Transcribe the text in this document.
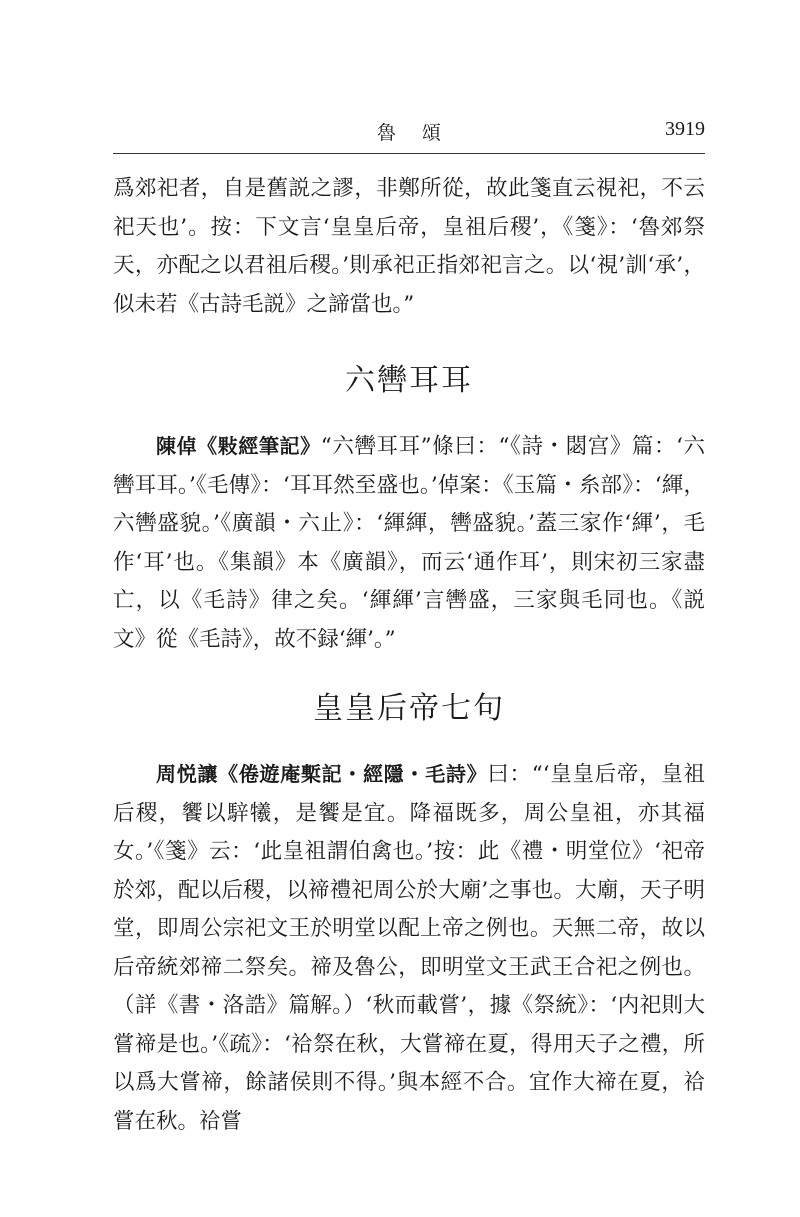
魯頌	3919

爲郊祀者，自是舊説之謬，非鄭所從，故此箋直云視祀，不云祀天也’。按：下文言‘皇皇后帝，皇祖后稷’，《箋》：‘魯郊祭天，亦配之以君祖后稷。’則承祀正指郊祀言之。以‘視’訓‘承’，似未若《古詩毛説》之諦當也。”

六轡耳耳

陳倬《敤經筆記》“六轡耳耳”條曰：“《詩・閟宫》篇：‘六轡耳耳。’《毛傳》：‘耳耳然至盛也。’倬案：《玉篇・糸部》：‘緷，六轡盛貌。’《廣韻・六止》：‘緷緷，轡盛貌。’蓋三家作‘緷’，毛作‘耳’也。《集韻》本《廣韻》，而云‘通作耳’，則宋初三家盡亡，以《毛詩》律之矣。‘緷緷’言轡盛，三家與毛同也。《説文》從《毛詩》，故不録‘緷’。”

皇皇后帝七句

周悦讓《倦遊庵槧記・經隱・毛詩》曰：“‘皇皇后帝，皇祖后稷，饗以騂犧，是饗是宜。降福既多，周公皇祖，亦其福女。’《箋》云：‘此皇祖謂伯禽也。’按：此《禮・明堂位》‘祀帝於郊，配以后稷，以禘禮祀周公於大廟’之事也。大廟，天子明堂，即周公宗祀文王於明堂以配上帝之例也。天無二帝，故以后帝統郊禘二祭矣。禘及魯公，即明堂文王武王合祀之例也。（詳《書・洛誥》篇解。）‘秋而載嘗’，據《祭統》：‘内祀則大嘗禘是也。’《疏》：‘祫祭在秋，大嘗禘在夏，得用天子之禮，所以爲大嘗禘，餘諸侯則不得。’與本經不合。宜作大禘在夏，祫嘗在秋。祫嘗
